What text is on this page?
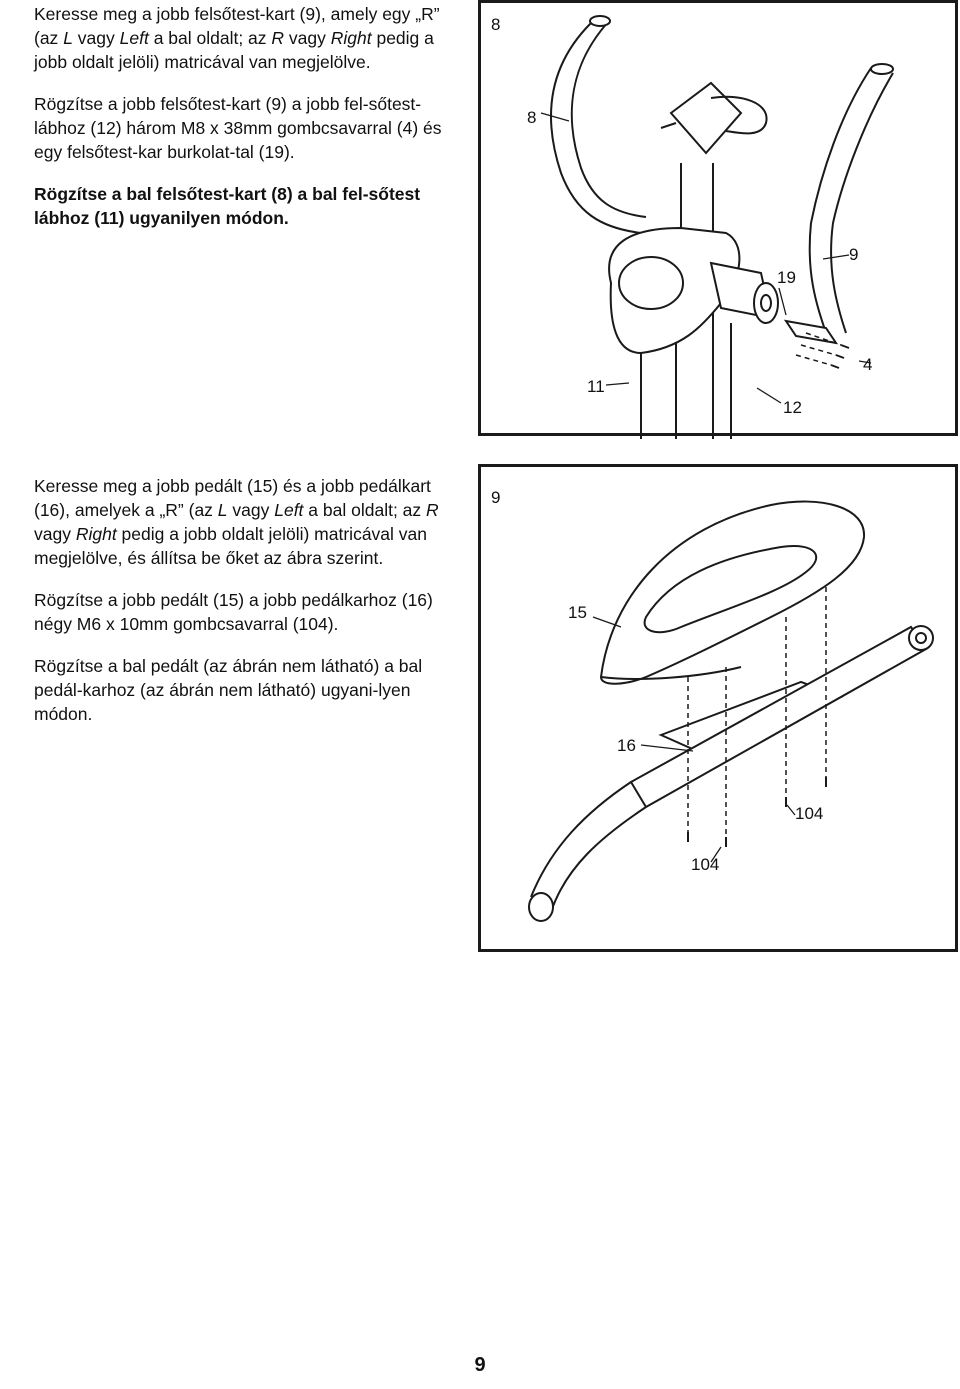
Keresse meg a jobb felsőtest-kart (9), amely egy „R” (az L vagy Left a bal oldalt; az R vagy Right pedig a jobb oldalt jelöli) matricával van megjelölve.

Rögzítse a jobb felsőtest-kart (9) a jobb fel-sőtest-lábhoz (12) három M8 x 38mm gombcsavarral (4) és egy felsőtest-kar burkolat-tal (19).

Rögzítse a bal felsőtest-kart (8) a bal fel-sőtest lábhoz (11) ugyanilyen módon.

Keresse meg a jobb pedált (15) és a jobb pedálkart (16), amelyek a „R” (az L vagy Left a bal oldalt; az R vagy Right pedig a jobb oldalt jelöli) matricával van megjelölve, és állítsa be őket az ábra szerint.

Rögzítse a jobb pedált (15) a jobb pedálkarhoz (16) négy M6 x 10mm gombcsavarral (104).

Rögzítse a bal pedált (az ábrán nem látható) a bal pedál-karhoz (az ábrán nem látható) ugyani-lyen módon.

8
8
9
19
4
11
12
9
15
16
104
104
9
